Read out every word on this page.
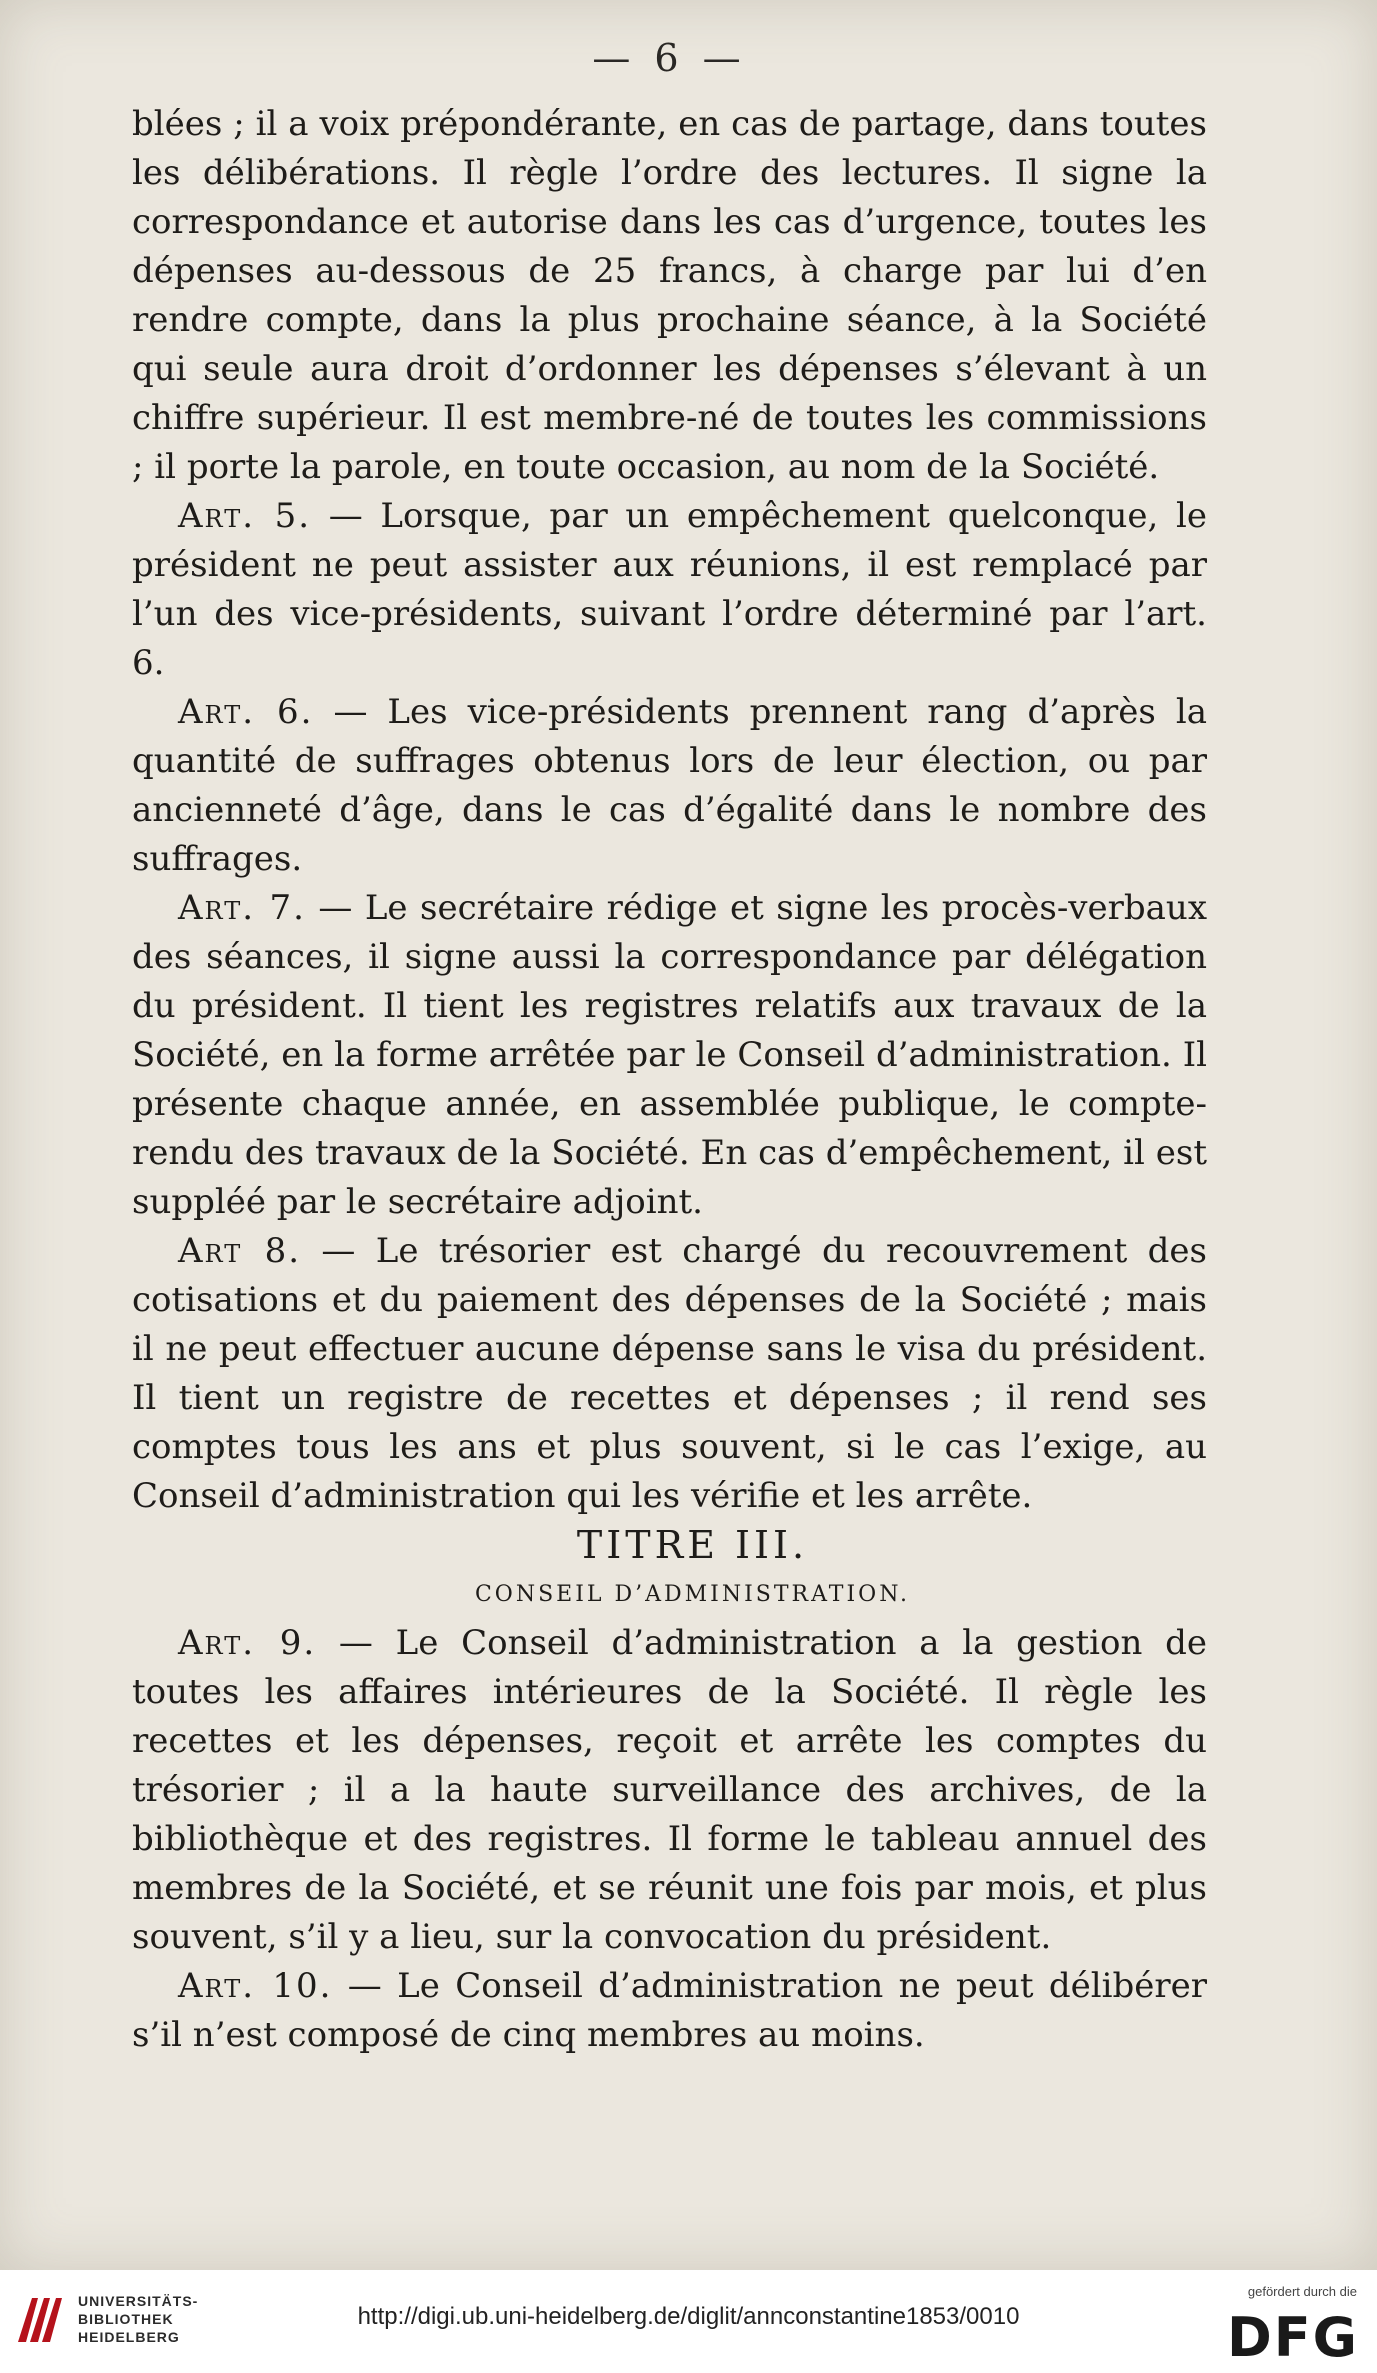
— 6 —

blées ; il a voix prépondérante, en cas de partage, dans toutes les délibérations. Il règle l’ordre des lectures. Il signe la correspondance et autorise dans les cas d’urgence, toutes les dépenses au-dessous de 25 francs, à charge par lui d’en rendre compte, dans la plus prochaine séance, à la Société qui seule aura droit d’ordonner les dépenses s’élevant à un chiffre supérieur. Il est membre-né de toutes les commissions ; il porte la parole, en toute occasion, au nom de la Société.

Art. 5. — Lorsque, par un empêchement quelconque, le président ne peut assister aux réunions, il est remplacé par l’un des vice-présidents, suivant l’ordre déterminé par l’art. 6.

Art. 6. — Les vice-présidents prennent rang d’après la quantité de suffrages obtenus lors de leur élection, ou par ancienneté d’âge, dans le cas d’égalité dans le nombre des suffrages.

Art. 7. — Le secrétaire rédige et signe les procès-verbaux des séances, il signe aussi la correspondance par délégation du président. Il tient les registres relatifs aux travaux de la Société, en la forme arrêtée par le Conseil d’administration. Il présente chaque année, en assemblée publique, le compte-rendu des travaux de la Société. En cas d’empêchement, il est suppléé par le secrétaire adjoint.

Art 8. — Le trésorier est chargé du recouvrement des cotisations et du paiement des dépenses de la Société ; mais il ne peut effectuer aucune dépense sans le visa du président. Il tient un registre de recettes et dépenses ; il rend ses comptes tous les ans et plus souvent, si le cas l’exige, au Conseil d’administration qui les vérifie et les arrête.

TITRE III.

CONSEIL D’ADMINISTRATION.

Art. 9. — Le Conseil d’administration a la gestion de toutes les affaires intérieures de la Société. Il règle les recettes et les dépenses, reçoit et arrête les comptes du trésorier ; il a la haute surveillance des archives, de la bibliothèque et des registres. Il forme le tableau annuel des membres de la Société, et se réunit une fois par mois, et plus souvent, s’il y a lieu, sur la convocation du président.

Art. 10. — Le Conseil d’administration ne peut délibérer s’il n’est composé de cinq membres au moins.

UNIVERSITÄTS-
BIBLIOTHEK
HEIDELBERG
http://digi.ub.uni-heidelberg.de/diglit/annconstantine1853/0010
gefördert durch die
DFG
